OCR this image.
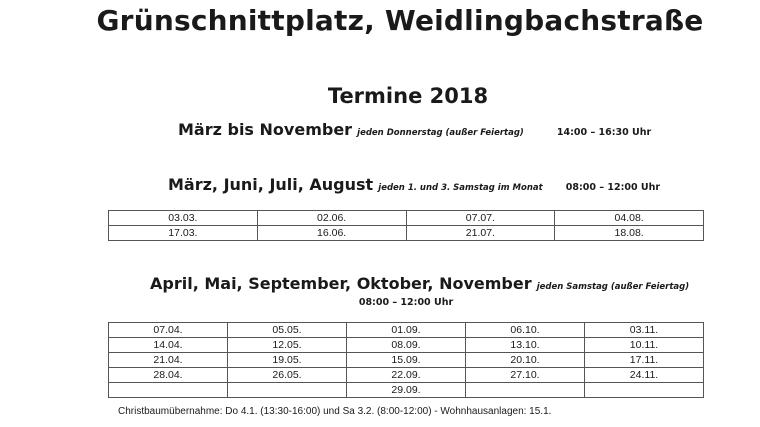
Grünschnittplatz, Weidlingbachstraße
Termine 2018
März bis November jeden Donnerstag (außer Feiertag)	14:00 – 16:30 Uhr
März, Juni, Juli, August jeden 1. und 3. Samstag im Monat 08:00 – 12:00 Uhr
03.03.	02.06.	07.07.	04.08.
17.03.	16.06.	21.07.	18.08.
April, Mai, September, Oktober, November jeden Samstag (außer Feiertag)
08:00 – 12:00 Uhr
07.04.	05.05.	01.09.	06.10.	03.11.
14.04.	12.05.	08.09.	13.10.	10.11.
21.04.	19.05.	15.09.	20.10.	17.11.
28.04.	26.05.	22.09.	27.10.	24.11.
		29.09.		
Christbaumübernahme: Do 4.1. (13:30-16:00) und Sa 3.2. (8:00-12:00) - Wohnhausanlagen: 15.1.
